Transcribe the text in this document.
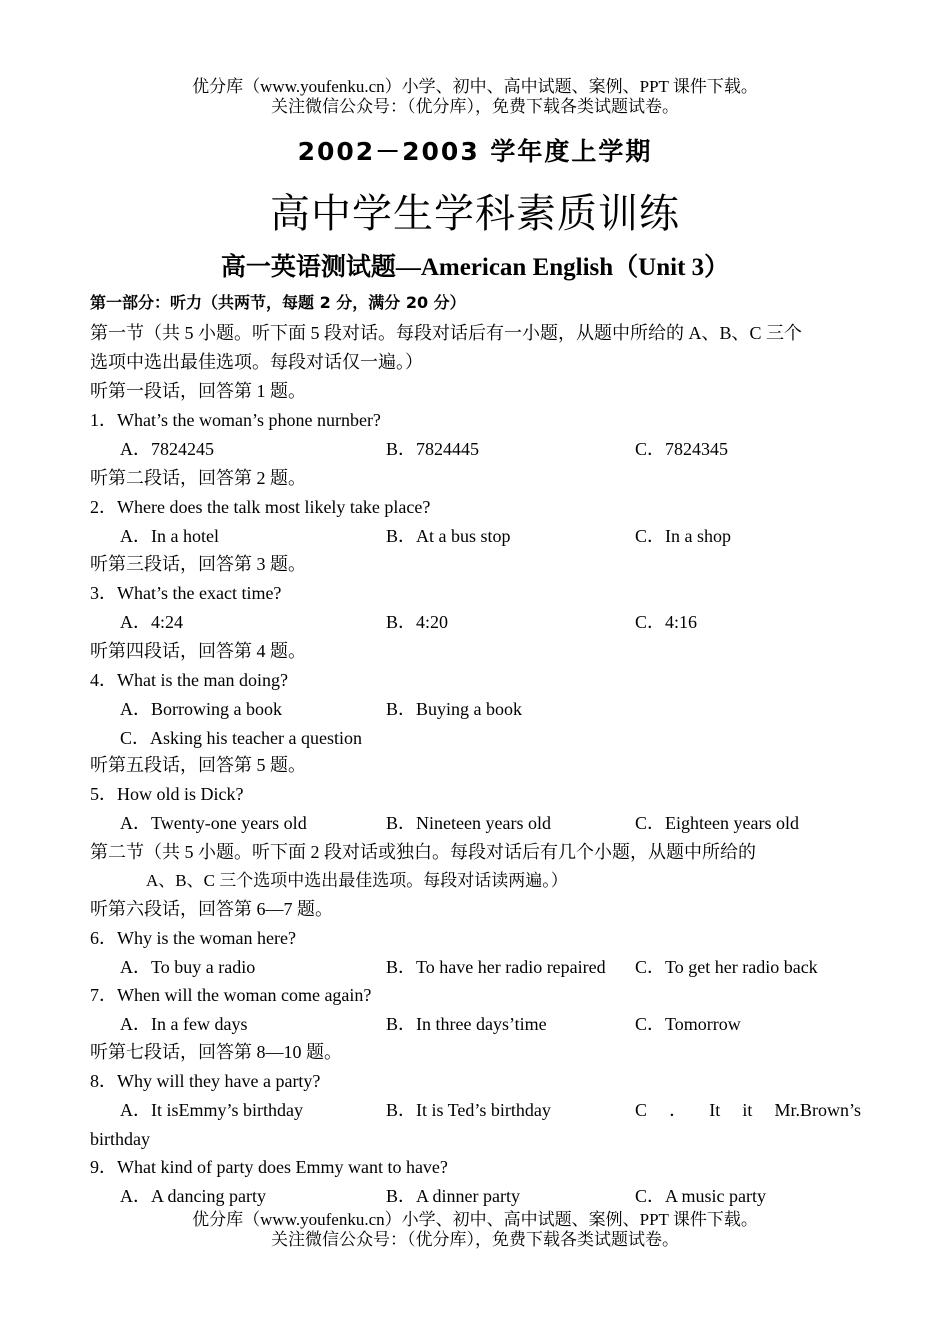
优分库（www.youfenku.cn）小学、初中、高中试题、案例、PPT 课件下载。
关注微信公众号：（优分库），免费下载各类试题试卷。
2002－2003 学年度上学期
高中学生学科素质训练
高一英语测试题—American English（Unit 3）
第一部分：听力（共两节，每题 2 分，满分 20 分）
第一节（共 5 小题。听下面 5 段对话。每段对话后有一小题，从题中所给的 A、B、C 三个
选项中选出最佳选项。每段对话仅一遍。）
听第一段话，回答第 1 题。
1．What’s the woman’s phone nurnber?
A．7824245	B．7824445	C．7824345
听第二段话，回答第 2 题。
2．Where does the talk most likely take place?
A．In a hotel	B．At a bus stop	C．In a shop
听第三段话，回答第 3 题。
3．What’s the exact time?
A．4:24	B．4:20	C．4:16
听第四段话，回答第 4 题。
4．What is the man doing?
A．Borrowing a book	B．Buying a book
C．Asking his teacher a question
听第五段话，回答第 5 题。
5．How old is Dick?
A．Twenty-one years old	B．Nineteen years old	C．Eighteen years old
第二节（共 5 小题。听下面 2 段对话或独白。每段对话后有几个小题，从题中所给的
A、B、C 三个选项中选出最佳选项。每段对话读两遍。）
听第六段话，回答第 6—7 题。
6．Why is the woman here?
A．To buy a radio	B．To have her radio repaired C．To get her radio back
7．When will the woman come again?
A．In a few days	B．In three days’time	C．Tomorrow
听第七段话，回答第 8—10 题。
8．Why will they have a party?
A．It isEmmy’s birthday	B．It is Ted’s birthday	C ． It it Mr.Brown’s
birthday
9．What kind of party does Emmy want to have?
A．A dancing party	B．A dinner party	C．A music party
优分库（www.youfenku.cn）小学、初中、高中试题、案例、PPT 课件下载。
关注微信公众号：（优分库），免费下载各类试题试卷。
